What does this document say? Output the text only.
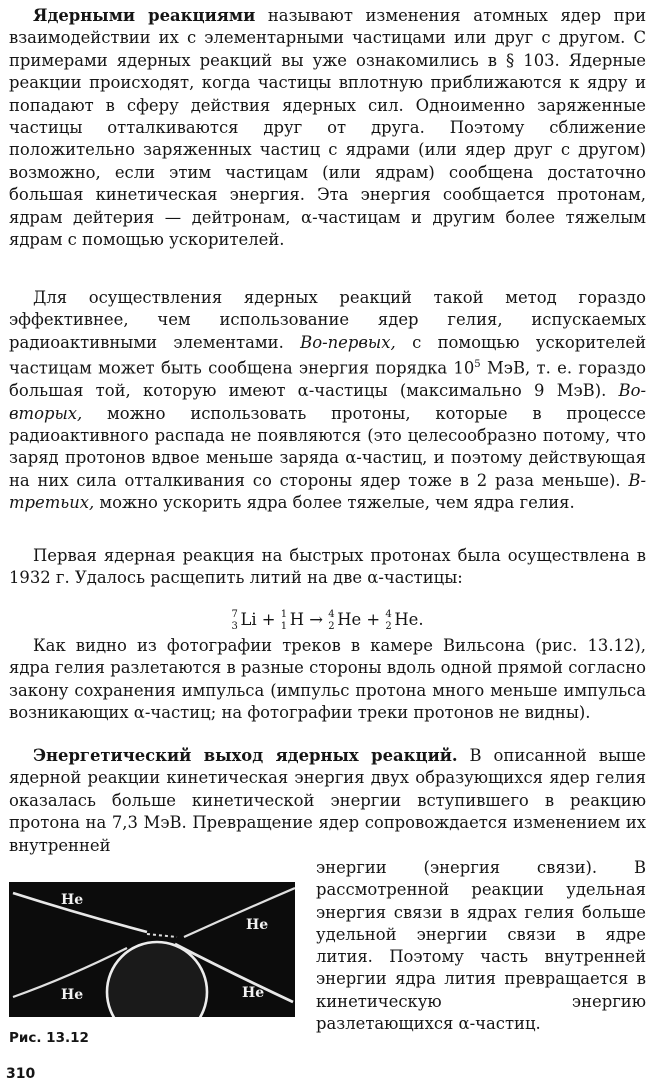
Ядерными реакциями называют изменения атомных ядер при взаимодействии их с элементарными частицами или друг с другом. С примерами ядерных реакций вы уже ознакомились в § 103. Ядерные реакции происходят, когда частицы вплотную приближаются к ядру и попадают в сферу действия ядерных сил. Одноименно заряженные частицы отталкиваются друг от друга. Поэтому сближение положительно заряженных частиц с ядрами (или ядер друг с другом) возможно, если этим частицам (или ядрам) сообщена достаточно большая кинетическая энергия. Эта энергия сообщается протонам, ядрам дейтерия — дейтронам, α-частицам и другим более тяжелым ядрам с помощью ускорителей.
Для осуществления ядерных реакций такой метод гораздо эффективнее, чем использование ядер гелия, испускаемых радиоактивными элементами. Во-первых, с помощью ускорителей частицам может быть сообщена энергия порядка $10^5$ МэВ, т. е. гораздо большая той, которую имеют α-частицы (максимально 9 МэВ). Во-вторых, можно использовать протоны, которые в процессе радиоактивного распада не появляются (это целесообразно потому, что заряд протонов вдвое меньше заряда α-частиц, и поэтому действующая на них сила отталкивания со стороны ядер тоже в 2 раза меньше). В-третьих, можно ускорить ядра более тяжелые, чем ядра гелия.
Первая ядерная реакция на быстрых протонах была осуществлена в 1932 г. Удалось расщепить литий на две α-частицы:
7
3 Li + 1
1 H → 4
2 He + 4
2 He.
Как видно из фотографии треков в камере Вильсона (рис. 13.12), ядра гелия разлетаются в разные стороны вдоль одной прямой согласно закону сохранения импульса (импульс протона много меньше импульса возникающих α-частиц; на фотографии треки протонов не видны).
Энергетический выход ядерных реакций. В описанной выше ядерной реакции кинетическая энергия двух образующихся ядер гелия оказалась больше кинетической энергии вступившего в реакцию протона на 7,3 МэВ. Превращение ядер сопровождается изменением их внутренней
энергии (энергия связи). В рассмотренной реакции удельная энергия связи в ядрах гелия больше удельной энергии связи в ядре лития. Поэтому часть внутренней энергии ядра лития превращается в кинетическую энергию разлетающихся α-частиц.
He
He
He	He
Рис. 13.12
310
